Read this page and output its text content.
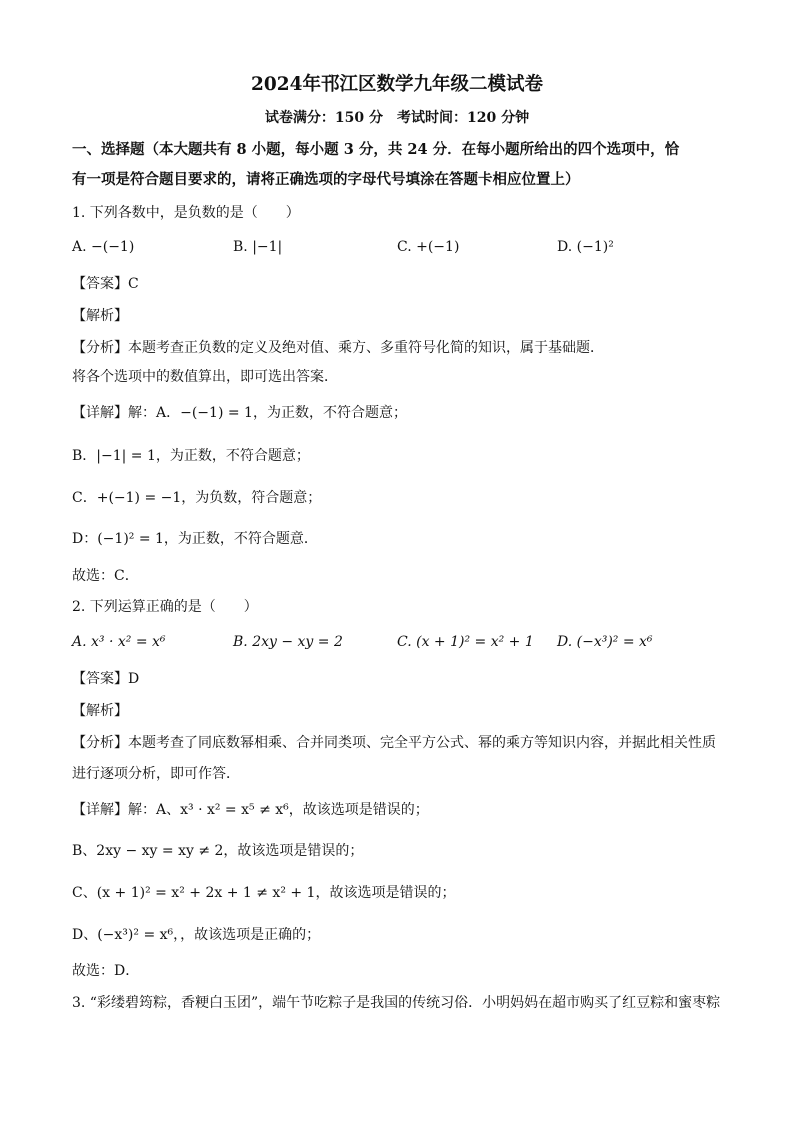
2024年邗江区数学九年级二模试卷
试卷满分：150 分　考试时间：120 分钟
一、选择题（本大题共有 8 小题，每小题 3 分，共 24 分．在每小题所给出的四个选项中，恰
有一项是符合题目要求的，请将正确选项的字母代号填涂在答题卡相应位置上）
1. 下列各数中，是负数的是（　　）
A. −(−1)	B. |−1|	C. +(−1)	D. (−1)²
【答案】C
【解析】
【分析】本题考查正负数的定义及绝对值、乘方、多重符号化简的知识，属于基础题．
将各个选项中的数值算出，即可选出答案．
【详解】解：A．−(−1) = 1，为正数，不符合题意；
B．|−1| = 1，为正数，不符合题意；
C．+(−1) = −1，为负数，符合题意；
D：(−1)² = 1，为正数，不符合题意．
故选：C．
2. 下列运算正确的是（　　）
A. x³ · x² = x⁶	B. 2xy − xy = 2	C. (x + 1)² = x² + 1 D. (−x³)² = x⁶
【答案】D
【解析】
【分析】本题考查了同底数幂相乘、合并同类项、完全平方公式、幂的乘方等知识内容，并据此相关性质
进行逐项分析，即可作答．
【详解】解：A、x³ · x² = x⁵ ≠ x⁶，故该选项是错误的；
B、2xy − xy = xy ≠ 2，故该选项是错误的；
C、(x + 1)² = x² + 2x + 1 ≠ x² + 1，故该选项是错误的；
D、(−x³)² = x⁶，，故该选项是正确的；
故选：D．
3. “彩缕碧筠粽，香粳白玉团”，端午节吃粽子是我国的传统习俗．小明妈妈在超市购买了红豆粽和蜜枣粽
